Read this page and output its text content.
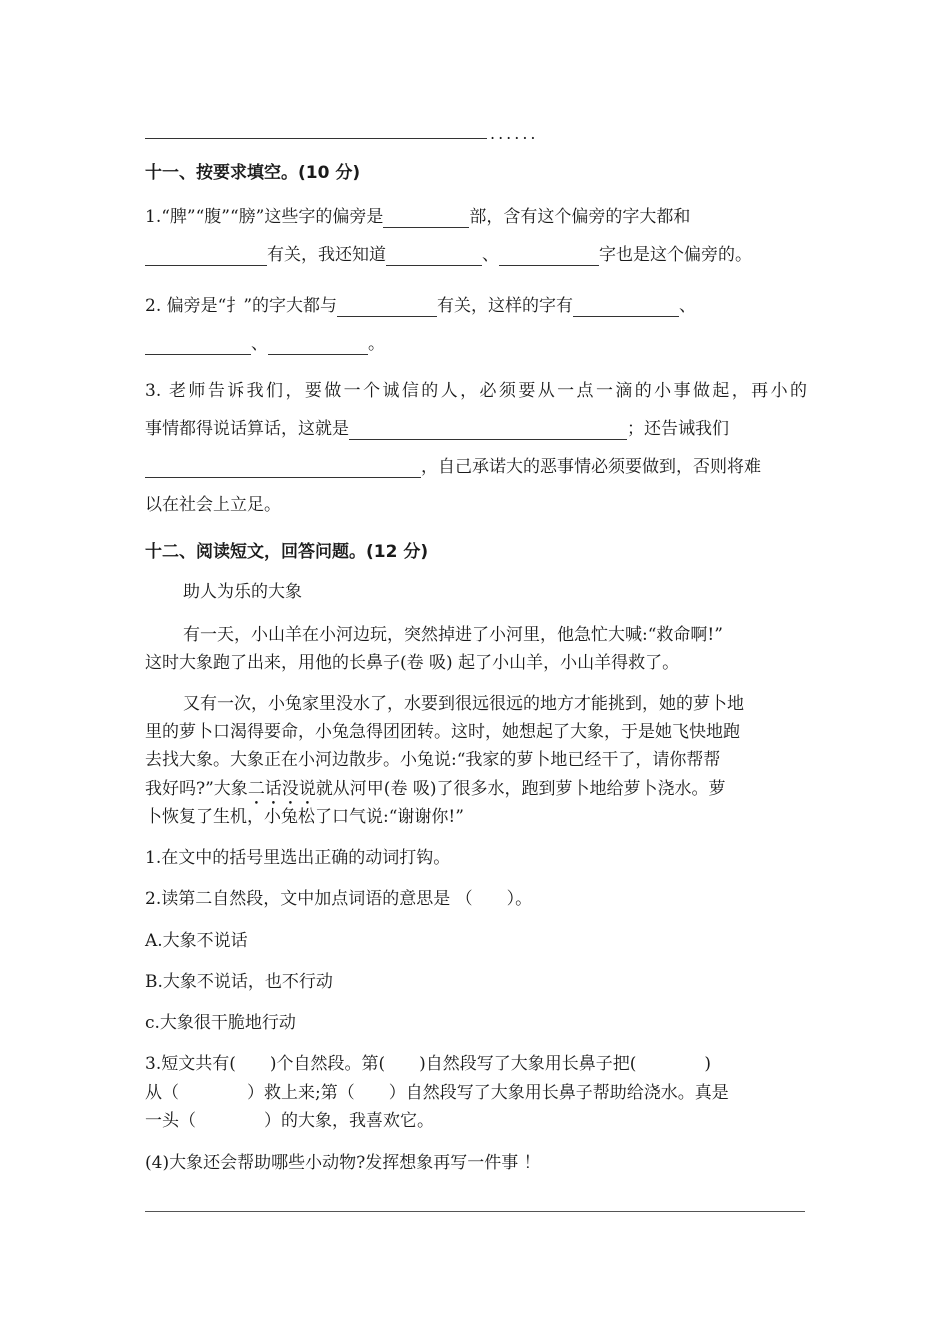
......
十一、按要求填空。(10 分)
1.“脾”“腹”“膀”这些字的偏旁是	部，含有这个偏旁的字大都和
有关，我还知道	、	字也是这个偏旁的。
2. 偏旁是“扌”的字大都与	有关，这样的字有	、
、	。
3. 老师告诉我们，要做一个诚信的人，必须要从一点一滴的小事做起，再小的
事情都得说话算话，这就是	；还告诫我们
，自己承诺大的恶事情必须要做到，否则将难
以在社会上立足。
十二、阅读短文，回答问题。(12 分)
助人为乐的大象
有一天，小山羊在小河边玩，突然掉进了小河里，他急忙大喊:“救命啊!”
这时大象跑了出来，用他的长鼻子(卷 吸) 起了小山羊，小山羊得救了。
又有一次，小兔家里没水了，水要到很远很远的地方才能挑到，她的萝卜地
里的萝卜口渴得要命，小兔急得团团转。这时，她想起了大象，于是她飞快地跑
去找大象。大象正在小河边散步。小兔说:“我家的萝卜地已经干了，请你帮帮
我好吗?”大象二话没说就从河甲(卷 吸)了很多水，跑到萝卜地给萝卜浇水。萝
卜恢复了生机，小兔松了口气说:“谢谢你!”
1.在文中的括号里选出正确的动词打钩。
2.读第二自然段，文中加点词语的意思是 （　　）。
A.大象不说话
B.大象不说话，也不行动
c.大象很干脆地行动
3.短文共有(　　)个自然段。第(　　)自然段写了大象用长鼻子把(　　　　)
从（　　　　）救上来;第（　　）自然段写了大象用长鼻子帮助给浇水。真是
一头（　　　　）的大象，我喜欢它。
(4)大象还会帮助哪些小动物?发挥想象再写一件事 ！
